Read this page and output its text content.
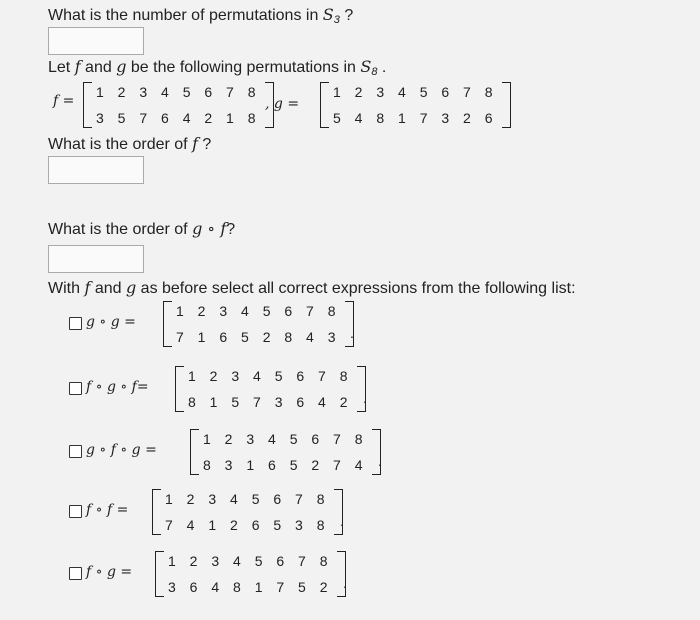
What is the number of permutations in $S_3$ ?
Let f and g be the following permutations in $S_8$ .
f =
1 2 3 4 5 6 7 8
3 5 7 6 4 2 1 8
, g =
1 2 3 4 5 6 7 8
5 4 8 1 7 3 2 6
What is the order of f ?
What is the order of g ∘ f?
With f and g as before select all correct expressions from the following list:
g ∘ g =
1 2 3 4 5 6 7 8
7 1 6 5 2 8 4 3 .
f ∘ g ∘ f=
1 2 3 4 5 6 7 8
8 1 5 7 3 6 4 2 .
g ∘ f ∘ g =
1 2 3 4 5 6 7 8
8 3 1 6 5 2 7 4 .
f ∘ f =
1 2 3 4 5 6 7 8
7 4 1 2 6 5 3 8 .
f ∘ g =
1 2 3 4 5 6 7 8
3 6 4 8 1 7 5 2 .
